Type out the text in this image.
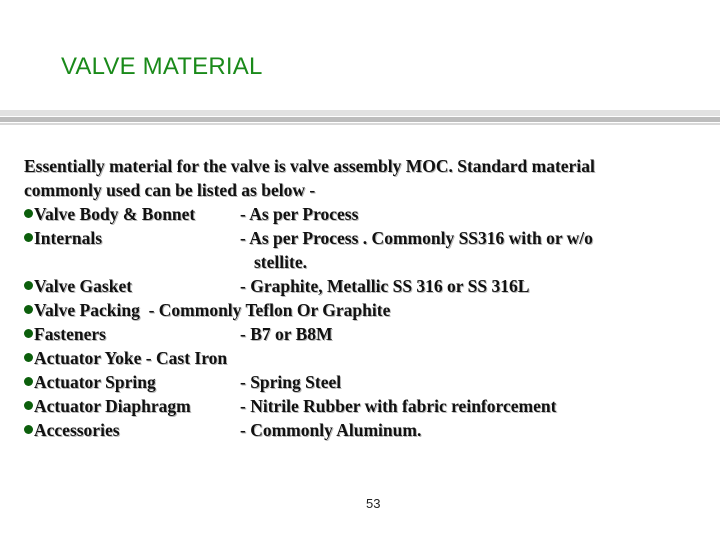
VALVE MATERIAL
Essentially material for the valve is valve assembly MOC. Standard material
commonly used can be listed as below -
Valve Body & Bonnet	- As per Process
Internals	- As per Process . Commonly SS316 with or w/o
stellite.
Valve Gasket	- Graphite, Metallic SS 316 or SS 316L
Valve Packing  - Commonly Teflon Or Graphite
Fasteners	- B7 or B8M
Actuator Yoke - Cast Iron
Actuator Spring	- Spring Steel
Actuator Diaphragm	- Nitrile Rubber with fabric reinforcement
Accessories	- Commonly Aluminum.
53
